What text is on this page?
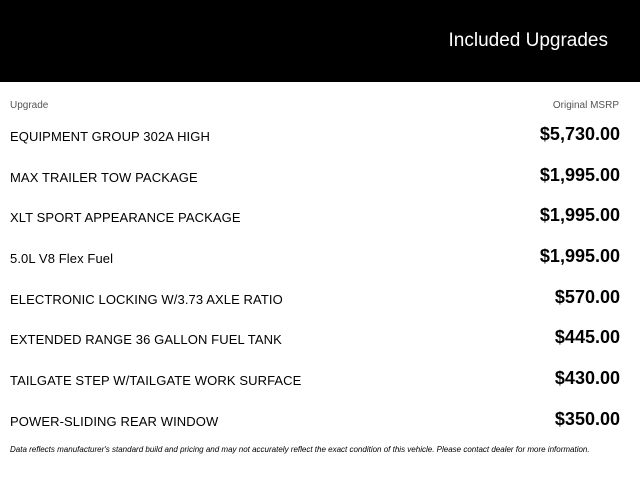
Included Upgrades
Upgrade	Original MSRP
EQUIPMENT GROUP 302A HIGH	$5,730.00
MAX TRAILER TOW PACKAGE	$1,995.00
XLT SPORT APPEARANCE PACKAGE	$1,995.00
5.0L V8 Flex Fuel	$1,995.00
ELECTRONIC LOCKING W/3.73 AXLE RATIO	$570.00
EXTENDED RANGE 36 GALLON FUEL TANK	$445.00
TAILGATE STEP W/TAILGATE WORK SURFACE	$430.00
POWER-SLIDING REAR WINDOW	$350.00
Data reflects manufacturer's standard build and pricing and may not accurately reflect the exact condition of this vehicle. Please contact dealer for more information.
